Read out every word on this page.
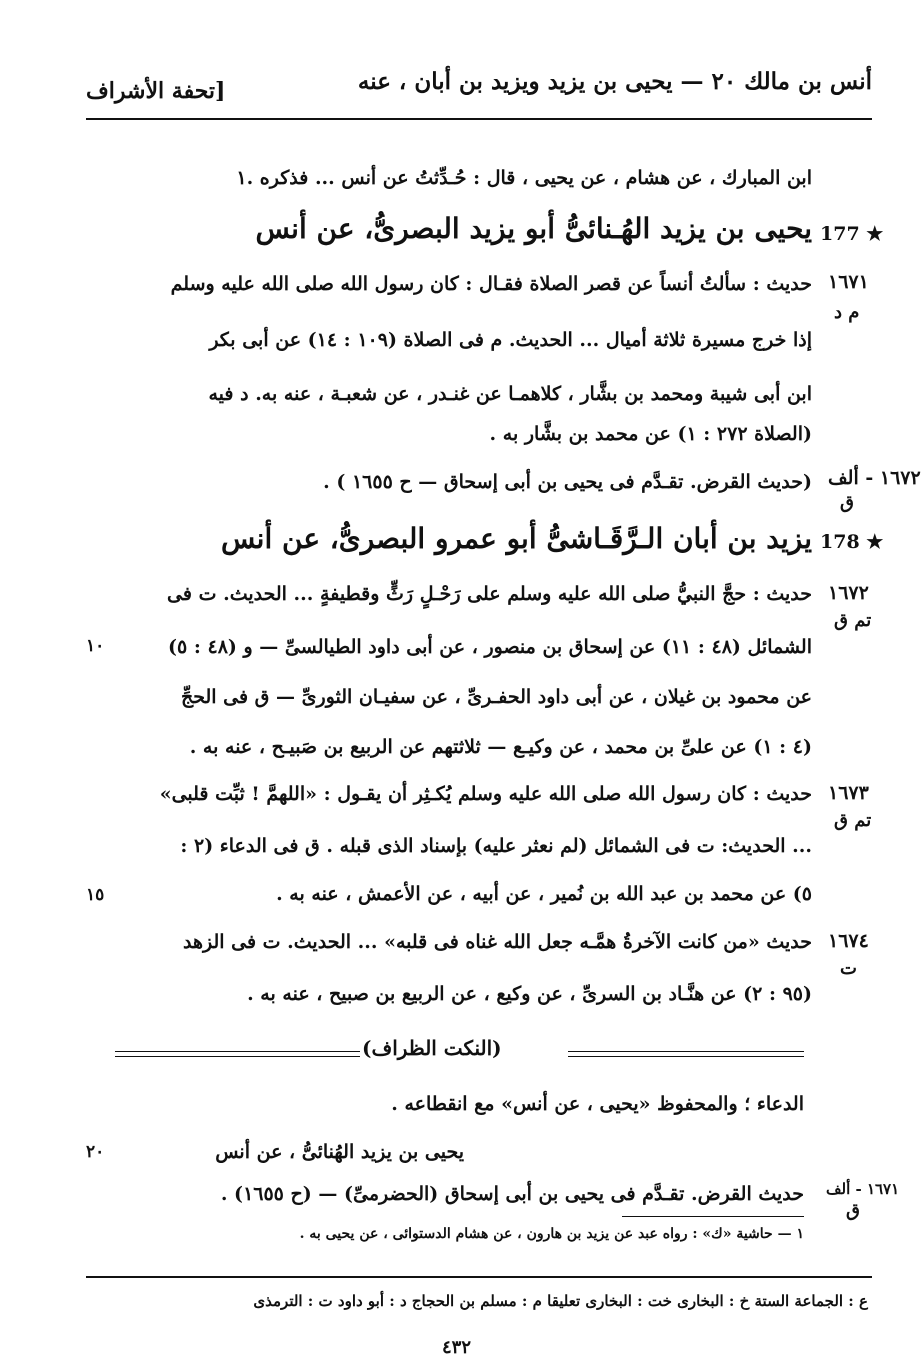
أنس بن مالك ٢٠ — يحيى بن يزيد ويزيد بن أبان ، عنه
[تحفة الأشراف
ابن المبارك ، عن هشام ، عن يحيى ، قال : حُـدِّثتُ عن أنس ... فذكره .١
177 ★
يحيى بن يزيد الهُـنائىُّ أبو يزيد البصرىُّ، عن أنس
١٦٧١
م د
حديث : سألتُ أنساً عن قصر الصلاة فقـال : كان رسول الله صلى الله عليه وسلم
إذا خرج مسيرة ثلاثة أميال ... الحديث. م فى الصلاة (١٠٩ : ١٤) عن أبى بكر
ابن أبى شيبة ومحمد بن بشَّار ، كلاهمـا عن غنـدر ، عن شعبـة ، عنه به. د فيه
(الصلاة ٢٧٢ : ١) عن محمد بن بشَّار به .
١٦٧٢ - ألف
ق
(حديث القرض. تقـدَّم فى يحيى بن أبى إسحاق — ح ١٦٥٥ ) .
178 ★
يزيد بن أبان الـرَّقَـاشىُّ أبو عمرو البصرىُّ، عن أنس
١٦٧٢
تم ق
حديث : حجَّ النبيُّ صلى الله عليه وسلم على رَحْـلٍ رَثٍّ وقطيفةٍ ... الحديث. ت فى
الشمائل (٤٨ : ١١) عن إسحاق بن منصور ، عن أبى داود الطيالسىِّ — و (٤٨ : ٥)
١٠
عن محمود بن غيلان ، عن أبى داود الحفـرىِّ ، عن سفيـان الثورىِّ — ق فى الحجِّ
(٤ : ١) عن علىِّ بن محمد ، عن وكيـع — ثلاثتهم عن الربيع بن صَبيـح ، عنه به .
١٦٧٣
تم ق
حديث : كان رسول الله صلى الله عليه وسلم يُكـثِر أن يقـول : «اللهمَّ ! ثبِّت قلبى»
... الحديث: ت فى الشمائل (لم نعثر عليه) بإسناد الذى قبله . ق فى الدعاء (٢ :
٥) عن محمد بن عبد الله بن نُمير ، عن أبيه ، عن الأعمش ، عنه به .
١٥
١٦٧٤
ت
حديث «من كانت الآخرةُ همَّـه جعل الله غناه فى قلبه» ... الحديث. ت فى الزهد
(٩٥ : ٢) عن هنَّـاد بن السرىِّ ، عن وكيع ، عن الربيع بن صبيح ، عنه به .
(النكت الظراف)
الدعاء ؛ والمحفوظ «يحيى ، عن أنس» مع انقطاعه .
يحيى بن يزيد الهُنائىُّ ، عن أنس
٢٠
١٦٧١ - ألف
ق
حديث القرض. تقـدَّم فى يحيى بن أبى إسحاق (الحضرمىِّ) — (ح ١٦٥٥) .
١ — حاشية «ك» : رواه عبد عن يزيد بن هارون ، عن هشام الدستوائى ، عن يحيى به .
ع : الجماعة الستة خ : البخارى خت : البخارى تعليقا م : مسلم بن الحجاج د : أبو داود ت : الترمذى
٤٣٢
